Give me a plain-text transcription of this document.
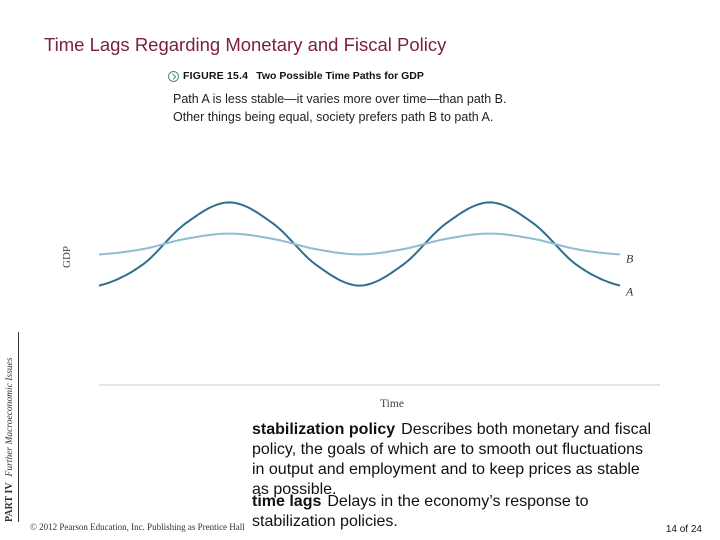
Time Lags Regarding Monetary and Fiscal Policy
FIGURE 15.4 Two Possible Time Paths for GDP

Path A is less stable—it varies more over time—than path B.

Other things being equal, society prefers path B to path A.

GDP
Time
A
B
PART IVFurther Macroeconomic Issues	stabilization policy Describes both monetary and fiscal policy, the goals of which are to smooth out fluctuations in output and employment and to keep prices as stable as possible.
time lags Delays in the economy’s response to stabilization policies.
© 2012 Pearson Education, Inc. Publishing as Prentice Hall	14 of 24
